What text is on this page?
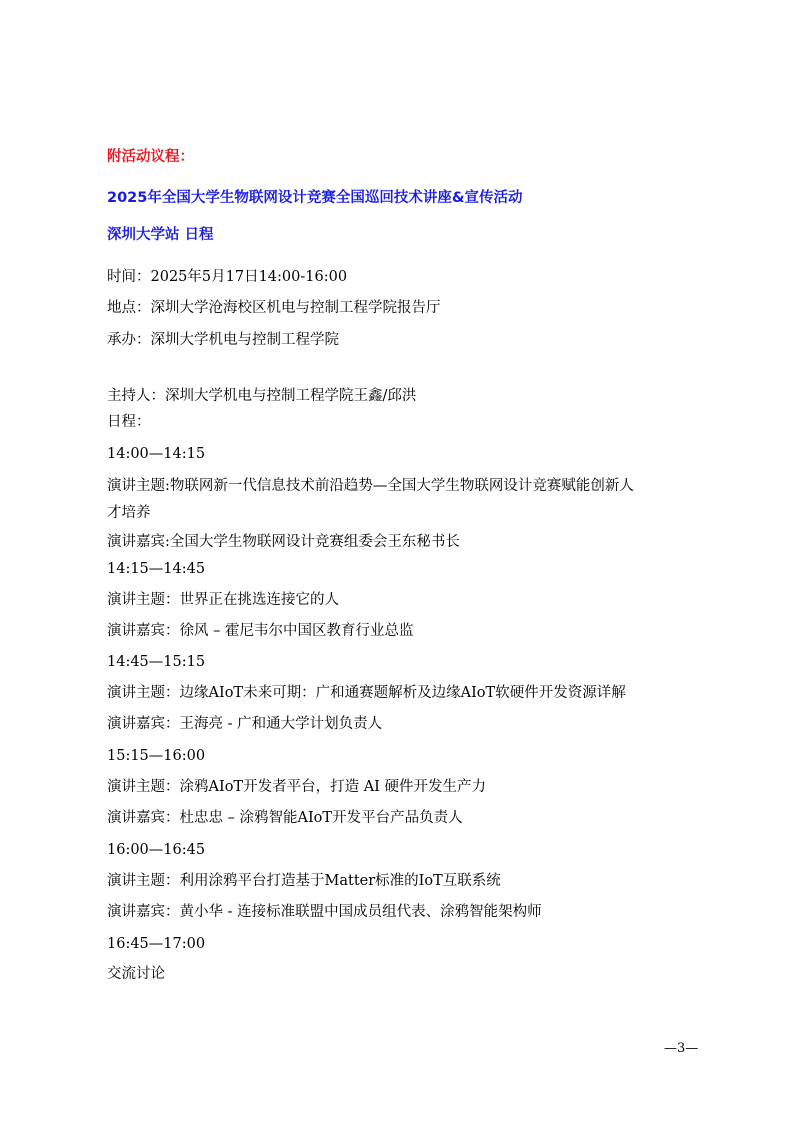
附活动议程：
2025年全国大学生物联网设计竞赛全国巡回技术讲座&宣传活动
深圳大学站 日程
时间：2025年5月17日14:00-16:00
地点：深圳大学沧海校区机电与控制工程学院报告厅
承办：深圳大学机电与控制工程学院
主持人：深圳大学机电与控制工程学院王鑫/邱洪
日程：
14:00—14:15
演讲主题:物联网新一代信息技术前沿趋势—全国大学生物联网设计竞赛赋能创新人
才培养
演讲嘉宾:全国大学生物联网设计竞赛组委会王东秘书长
14:15—14:45
演讲主题：世界正在挑选连接它的人
演讲嘉宾：徐风 – 霍尼韦尔中国区教育行业总监
14:45—15:15
演讲主题：边缘AIoT未来可期：广和通赛题解析及边缘AIoT软硬件开发资源详解
演讲嘉宾：王海亮 - 广和通大学计划负责人
15:15—16:00
演讲主题：涂鸦AIoT开发者平台，打造 AI 硬件开发生产力
演讲嘉宾：杜忠忠 – 涂鸦智能AIoT开发平台产品负责人
16:00—16:45
演讲主题：利用涂鸦平台打造基于Matter标准的IoT互联系统
演讲嘉宾：黄小华 - 连接标准联盟中国成员组代表、涂鸦智能架构师
16:45—17:00
交流讨论
—3—
